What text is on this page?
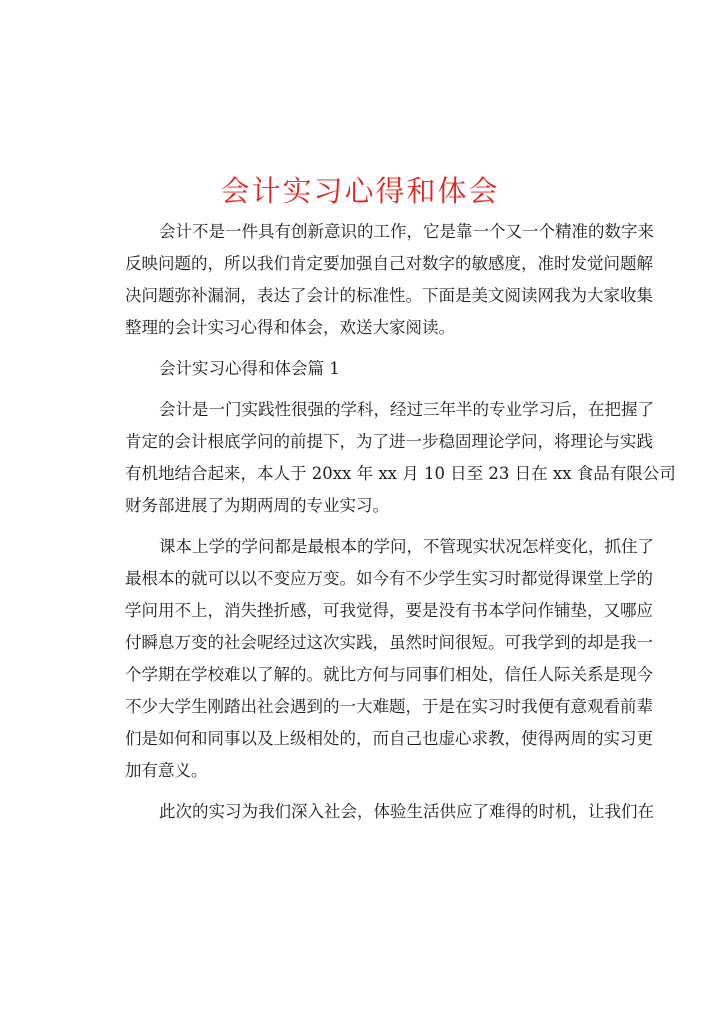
会计实习心得和体会
会计不是一件具有创新意识的工作，它是靠一个又一个精准的数字来
反映问题的，所以我们肯定要加强自己对数字的敏感度，准时发觉问题解
决问题弥补漏洞，表达了会计的标准性。下面是美文阅读网我为大家收集
整理的会计实习心得和体会，欢送大家阅读。
会计实习心得和体会篇 1
会计是一门实践性很强的学科，经过三年半的专业学习后，在把握了
肯定的会计根底学问的前提下，为了进一步稳固理论学问，将理论与实践
有机地结合起来，本人于 20xx 年 xx 月 10 日至 23 日在 xx 食品有限公司
财务部进展了为期两周的专业实习。
课本上学的学问都是最根本的学问，不管现实状况怎样变化，抓住了
最根本的就可以以不变应万变。如今有不少学生实习时都觉得课堂上学的
学问用不上，消失挫折感，可我觉得，要是没有书本学问作铺垫，又哪应
付瞬息万变的社会呢经过这次实践，虽然时间很短。可我学到的却是我一
个学期在学校难以了解的。就比方何与同事们相处，信任人际关系是现今
不少大学生刚踏出社会遇到的一大难题，于是在实习时我便有意观看前辈
们是如何和同事以及上级相处的，而自己也虚心求教，使得两周的实习更
加有意义。
此次的实习为我们深入社会，体验生活供应了难得的时机，让我们在
